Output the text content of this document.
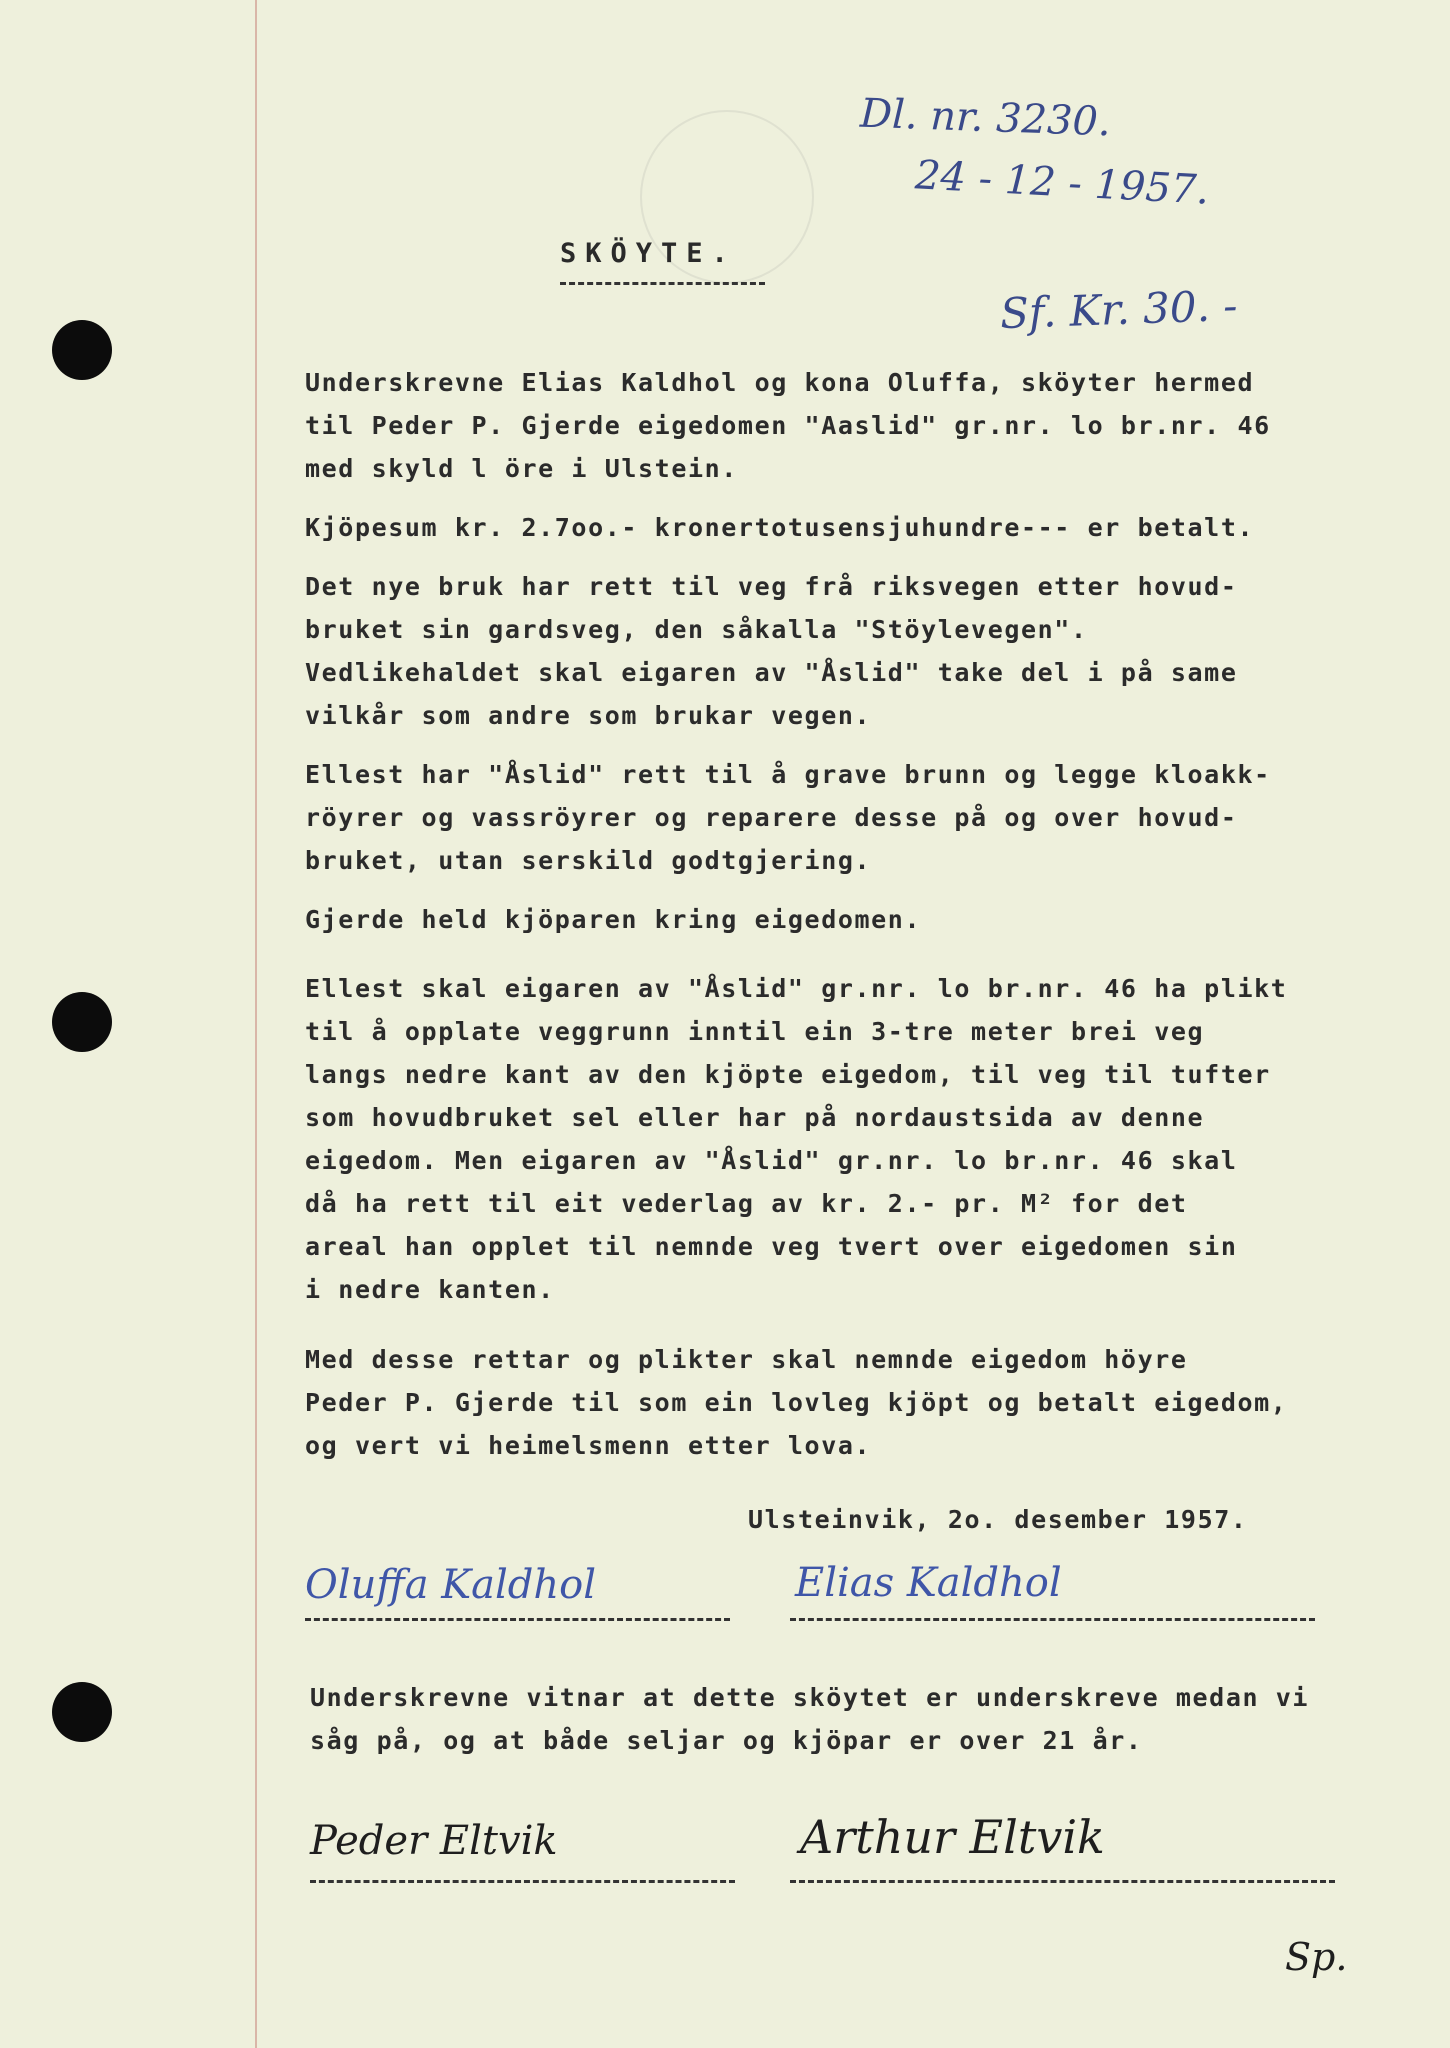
Dl. nr. 3230.
24 - 12 - 1957.
Sf. Kr. 30. -
SKÖYTE.
Underskrevne Elias Kaldhol og kona Oluffa, sköyter hermed
til Peder P. Gjerde eigedomen "Aaslid" gr.nr. lo br.nr. 46
med skyld l öre i Ulstein.
Kjöpesum kr. 2.7oo.- kronertotusensjuhundre--- er betalt.
Det nye bruk har rett til veg frå riksvegen etter hovud-
bruket sin gardsveg, den såkalla "Stöylevegen".
Vedlikehaldet skal eigaren av "Åslid" take del i på same
vilkår som andre som brukar vegen.
Ellest har "Åslid" rett til å grave brunn og legge kloakk-
röyrer og vassröyrer og reparere desse på og over hovud-
bruket, utan serskild godtgjering.
Gjerde held kjöparen kring eigedomen.
Ellest skal eigaren av "Åslid" gr.nr. lo br.nr. 46 ha plikt
til å opplate veggrunn inntil ein 3-tre meter brei veg
langs nedre kant av den kjöpte eigedom, til veg til tufter
som hovudbruket sel eller har på nordaustsida av denne
eigedom. Men eigaren av "Åslid" gr.nr. lo br.nr. 46 skal
då ha rett til eit vederlag av kr. 2.- pr. M² for det
areal han opplet til nemnde veg tvert over eigedomen sin
i nedre kanten.
Med desse rettar og plikter skal nemnde eigedom höyre
Peder P. Gjerde til som ein lovleg kjöpt og betalt eigedom,
og vert vi heimelsmenn etter lova.
Ulsteinvik, 2o. desember 1957.
Oluffa Kaldhol	Elias Kaldhol
Underskrevne vitnar at dette sköytet er underskreve medan vi
såg på, og at både seljar og kjöpar er over 21 år.
Peder Eltvik	Arthur Eltvik
Sp.
